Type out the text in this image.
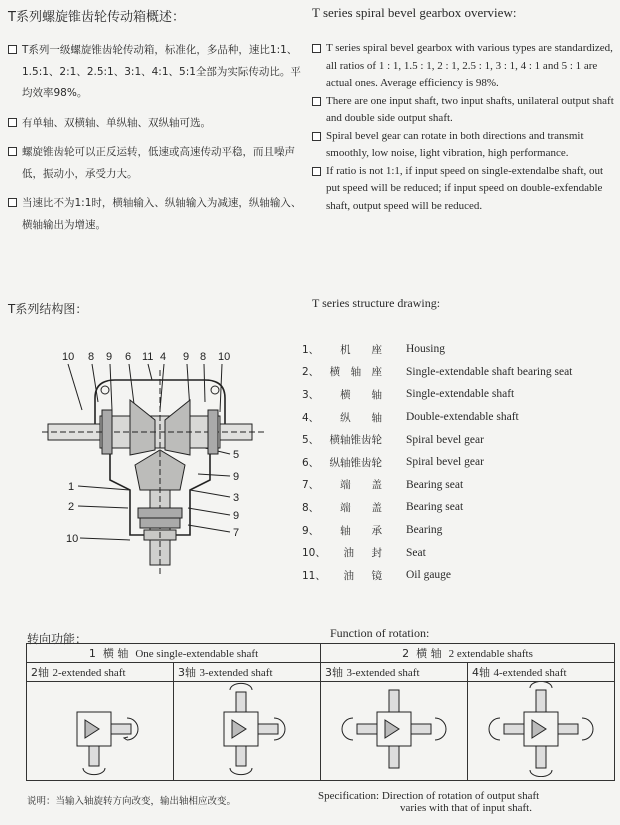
T系列螺旋锥齿轮传动箱概述：	T series spiral bevel gearbox overview:
T系列一级螺旋锥齿轮传动箱，标准化，多品种，速比1:1、1.5:1、2:1、2.5:1、3:1、4:1、5:1全部为实际传动比。平均效率98%。
有单轴、双横轴、单纵轴、双纵轴可选。
螺旋锥齿轮可以正反运转，低速或高速传动平稳，而且噪声低，振动小，承受力大。
当速比不为1:1时，横轴输入、纵轴输入为减速，纵轴输入、横轴输出为增速。
T series spiral bevel gearbox with various types are standardized, all ratios of 1 : 1, 1.5 : 1, 2 : 1, 2.5 : 1, 3 : 1, 4 : 1 and 5 : 1 are actual ones. Average efficiency is 98%.
There are one input shaft, two input shafts, unilateral output shaft and double side output shaft.
Spiral bevel gear can rotate in both directions and transmit smoothly, low noise, light vibration, high performance.
If ratio is not 1:1, if input speed on single-extendalbe shaft, out put speed will be reduced; if input speed on double-exfendable shaft, output speed will be reduced.
T系列结构图：	T series structure drawing:
10 8 9 6 11 4 9 8 10
5
9
3
9
7
1
2
10
1、 机 座 Housing
2、 横 轴 座 Single-extendable shaft bearing seat
3、 横 轴 Single-extendable shaft
4、 纵 轴 Double-extendable shaft
5、 横轴锥齿轮 Spiral bevel gear
6、 纵轴锥齿轮 Spiral bevel gear
7、 端 盖 Bearing seat
8、 端 盖 Bearing seat
9、 轴 承 Bearing
10、 油 封 Seat
11、 油 镜 Oil gauge
转向功能：	Function of rotation:
1 横 轴 One single-extendable shaft		2 横 轴 2 extendable shafts	
2轴 2-extended shaft	3轴 3-extended shaft	3轴 3-extended shaft	4轴 4-extended shaft

说明：当输入轴旋转方向改变，输出轴相应改变。	Specification: Direction of rotation of output shaft
varies with that of input shaft.
